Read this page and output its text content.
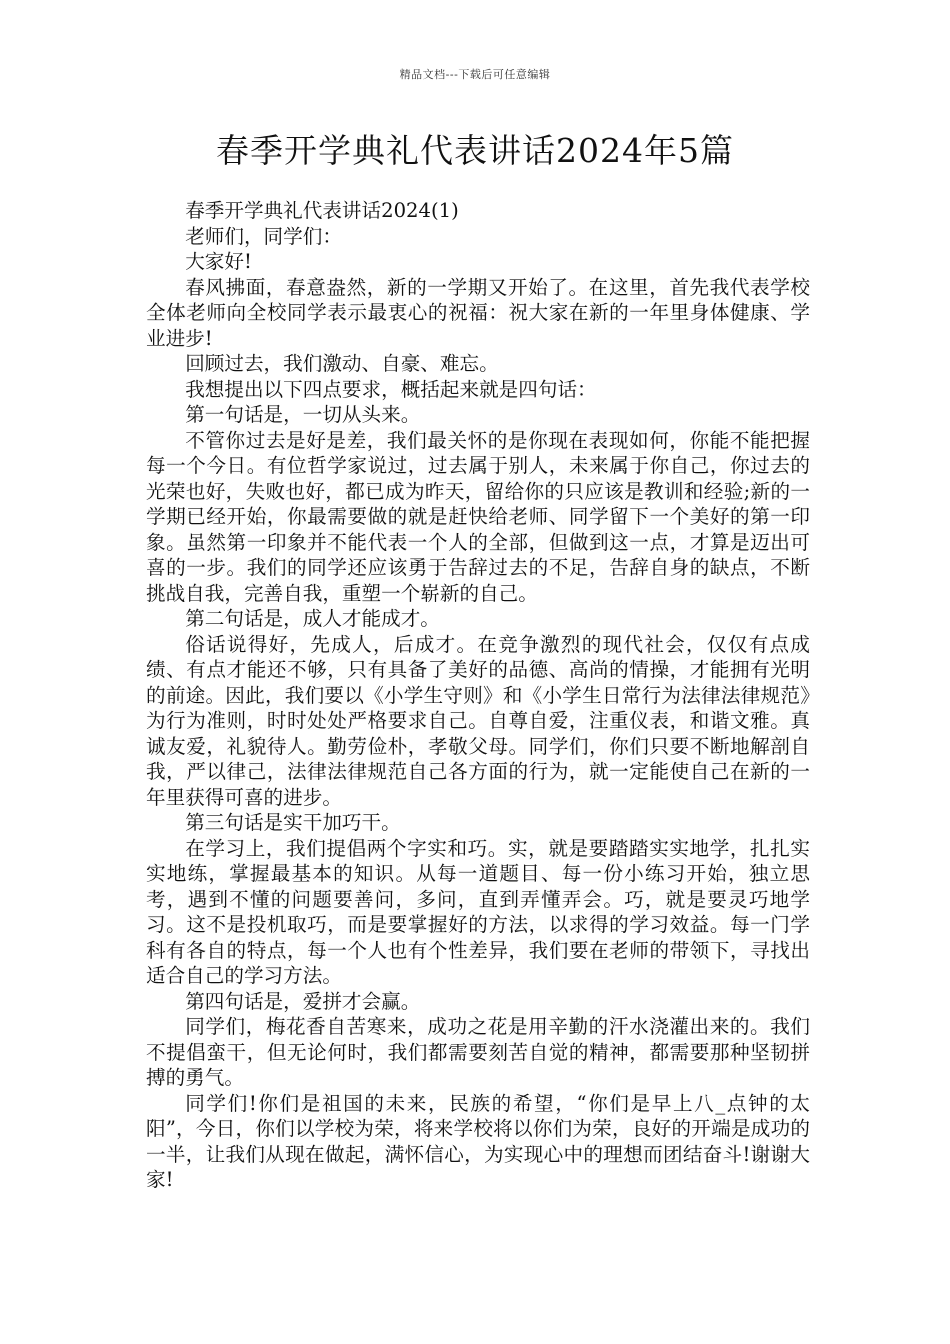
精品文档---下载后可任意编辑
春季开学典礼代表讲话2024年5篇

春季开学典礼代表讲话2024(1)

老师们，同学们：

大家好!

春风拂面，春意盎然，新的一学期又开始了。在这里，首先我代表学校全体老师向全校同学表示最衷心的祝福：祝大家在新的一年里身体健康、学业进步!

回顾过去，我们激动、自豪、难忘。

我想提出以下四点要求，概括起来就是四句话：

第一句话是，一切从头来。

不管你过去是好是差，我们最关怀的是你现在表现如何，你能不能把握每一个今日。有位哲学家说过，过去属于别人，未来属于你自己，你过去的光荣也好，失败也好，都已成为昨天，留给你的只应该是教训和经验;新的一学期已经开始，你最需要做的就是赶快给老师、同学留下一个美好的第一印象。虽然第一印象并不能代表一个人的全部，但做到这一点，才算是迈出可喜的一步。我们的同学还应该勇于告辞过去的不足，告辞自身的缺点，不断挑战自我，完善自我，重塑一个崭新的自己。

第二句话是，成人才能成才。

俗话说得好，先成人，后成才。在竞争激烈的现代社会，仅仅有点成绩、有点才能还不够，只有具备了美好的品德、高尚的情操，才能拥有光明的前途。因此，我们要以《小学生守则》和《小学生日常行为法律法律规范》为行为准则，时时处处严格要求自己。自尊自爱，注重仪表，和谐文雅。真诚友爱，礼貌待人。勤劳俭朴，孝敬父母。同学们，你们只要不断地解剖自我，严以律己，法律法律规范自己各方面的行为，就一定能使自己在新的一年里获得可喜的进步。

第三句话是实干加巧干。

在学习上，我们提倡两个字实和巧。实，就是要踏踏实实地学，扎扎实实地练，掌握最基本的知识。从每一道题目、每一份小练习开始，独立思考，遇到不懂的问题要善问，多问，直到弄懂弄会。巧，就是要灵巧地学习。这不是投机取巧，而是要掌握好的方法，以求得的学习效益。每一门学科有各自的特点，每一个人也有个性差异，我们要在老师的带领下，寻找出适合自己的学习方法。

第四句话是，爱拼才会赢。

同学们，梅花香自苦寒来，成功之花是用辛勤的汗水浇灌出来的。我们不提倡蛮干，但无论何时，我们都需要刻苦自觉的精神，都需要那种坚韧拼搏的勇气。

同学们!你们是祖国的未来，民族的希望，“你们是早上八_点钟的太阳”，今日，你们以学校为荣，将来学校将以你们为荣，良好的开端是成功的一半，让我们从现在做起，满怀信心，为实现心中的理想而团结奋斗!谢谢大家!
